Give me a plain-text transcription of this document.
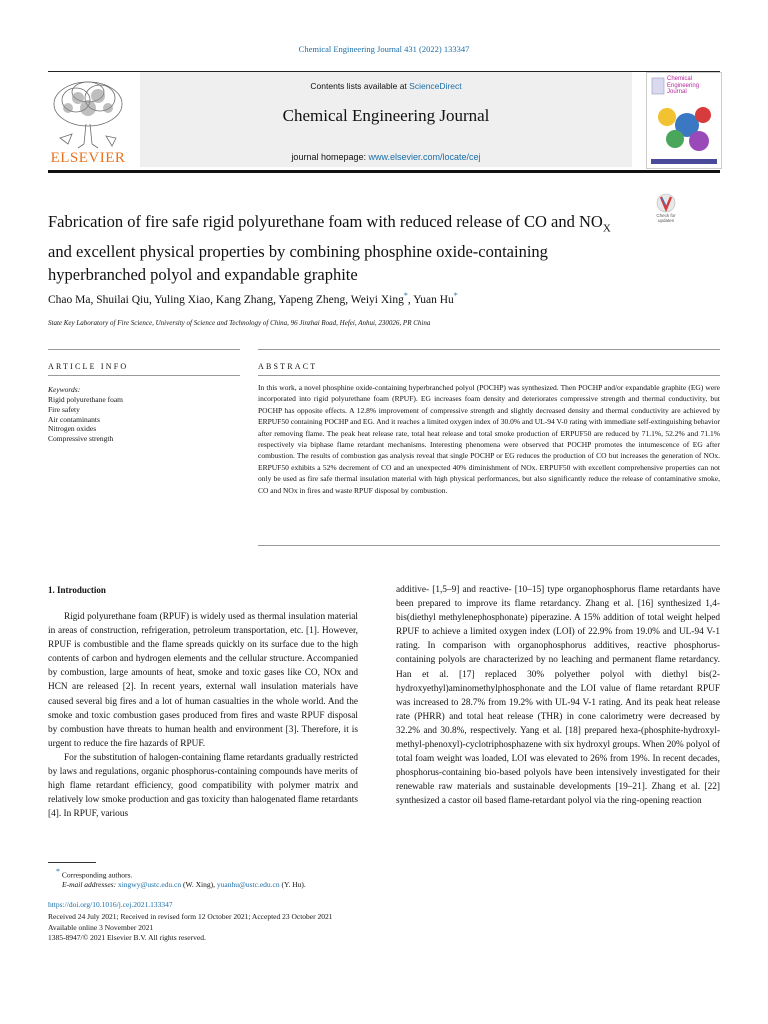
Chemical Engineering Journal 431 (2022) 133347
ELSEVIER
Contents lists available at ScienceDirect
Chemical Engineering Journal
journal homepage: www.elsevier.com/locate/cej
Chemical
Engineering
Journal
Check for
updates
Fabrication of fire safe rigid polyurethane foam with reduced release of CO and $NO_X$ and excellent physical properties by combining phosphine oxide-containing hyperbranched polyol and expandable graphite
Chao Ma, Shuilai Qiu, Yuling Xiao, Kang Zhang, Yapeng Zheng, Weiyi Xing*, Yuan Hu*
State Key Laboratory of Fire Science, University of Science and Technology of China, 96 Jinzhai Road, Hefei, Anhui, 230026, PR China
ARTICLE INFO	ABSTRACT
Keywords:
Rigid polyurethane foam
Fire safety
Air contaminants
Nitrogen oxides
Compressive strength
In this work, a novel phosphine oxide-containing hyperbranched polyol (POCHP) was synthesized. Then POCHP and/or expandable graphite (EG) were incorporated into rigid polyurethane foam (RPUF). EG increases foam density and deteriorates compressive strength and thermal conductivity, but POCHP has opposite effects. A 12.8% improvement of compressive strength and slightly decreased density and thermal conductivity are achieved by ERPUF50 containing POCHP and EG. And it reaches a limited oxygen index of 30.0% and UL-94 V-0 rating with immediate self-extinguishing behavior after removing flame. The peak heat release rate, total heat release and total smoke production of ERPUF50 are reduced by 71.1%, 52.2% and 71.1% respectively via biphase flame retardant mechanisms. Interesting phenomena were observed that POCHP promotes the intumescence of EG after combustion. The results of combustion gas analysis reveal that single POCHP or EG reduces the production of CO but increases the generation of NOx. ERPUF50 exhibits a 52% decrement of CO and an unexpected 40% diminishment of NOx. ERPUF50 with excellent comprehensive properties can not only be used as fire safe thermal insulation material with high physical performances, but also significantly reduce the release of contaminative smoke, CO and NOx in fires and waste RPUF disposal by combustion.
1. Introduction

Rigid polyurethane foam (RPUF) is widely used as thermal insulation material in areas of construction, refrigeration, petroleum transportation, etc. [1]. However, RPUF is combustible and the flame spreads quickly on its surface due to the high contents of carbon and hydrogen elements and the cellular structure. Accompanied by combustion, large amounts of heat, smoke and toxic gases like CO, NOx and HCN are released [2]. In recent years, external wall insulation materials have caused several big fires and a lot of human casualties in the whole world. And the smoke and toxic combustion gases produced from fires and waste RPUF disposal by combustion have threats to human health and environment [3]. Therefore, it is urgent to reduce the fire hazards of RPUF.

For the substitution of halogen-containing flame retardants gradually restricted by laws and regulations, organic phosphorus-containing compounds have merits of high flame retardant efficiency, good compatibility with polymer matrix and relatively low smoke production and gas toxicity than halogenated flame retardants [4]. In RPUF, various

additive- [1,5–9] and reactive- [10–15] type organophosphorus flame retardants have been prepared to improve its flame retardancy. Zhang et al. [16] synthesized 1,4-bis(diethyl methylenephosphonate) piperazine. A 15% addition of total weight helped RPUF to achieve a limited oxygen index (LOI) of 22.9% from 19.0% and UL-94 V-1 rating. In comparison with organophosphorus additives, reactive phosphorus-containing polyols are characterized by no leaching and permanent flame retardancy. Han et al. [17] replaced 30% polyether polyol with diethyl bis(2-hydroxyethyl)aminomethylphosphonate and the LOI value of flame retardant RPUF was increased to 28.7% from 19.2% with UL-94 V-1 rating. And its peak heat release rate (PHRR) and total heat release (THR) in cone calorimetry were decreased by 32.2% and 30.8%, respectively. Yang et al. [18] prepared hexa-(phosphite-hydroxyl-methyl-phenoxyl)-cyclotriphosphazene with six hydroxyl groups. When 20% polyol of total foam weight was loaded, LOI was elevated to 26% from 19%. In recent decades, phosphorus-containing bio-based polyols have been intensively investigated for their renewable raw materials and sustainable developments [19–21]. Zhang et al. [22] synthesized a castor oil based flame-retardant polyol via the ring-opening reaction

* Corresponding authors.
E-mail addresses: xingwy@ustc.edu.cn (W. Xing), yuanhu@ustc.edu.cn (Y. Hu).
https://doi.org/10.1016/j.cej.2021.133347
Received 24 July 2021; Received in revised form 12 October 2021; Accepted 23 October 2021
Available online 3 November 2021
1385-8947/© 2021 Elsevier B.V. All rights reserved.
